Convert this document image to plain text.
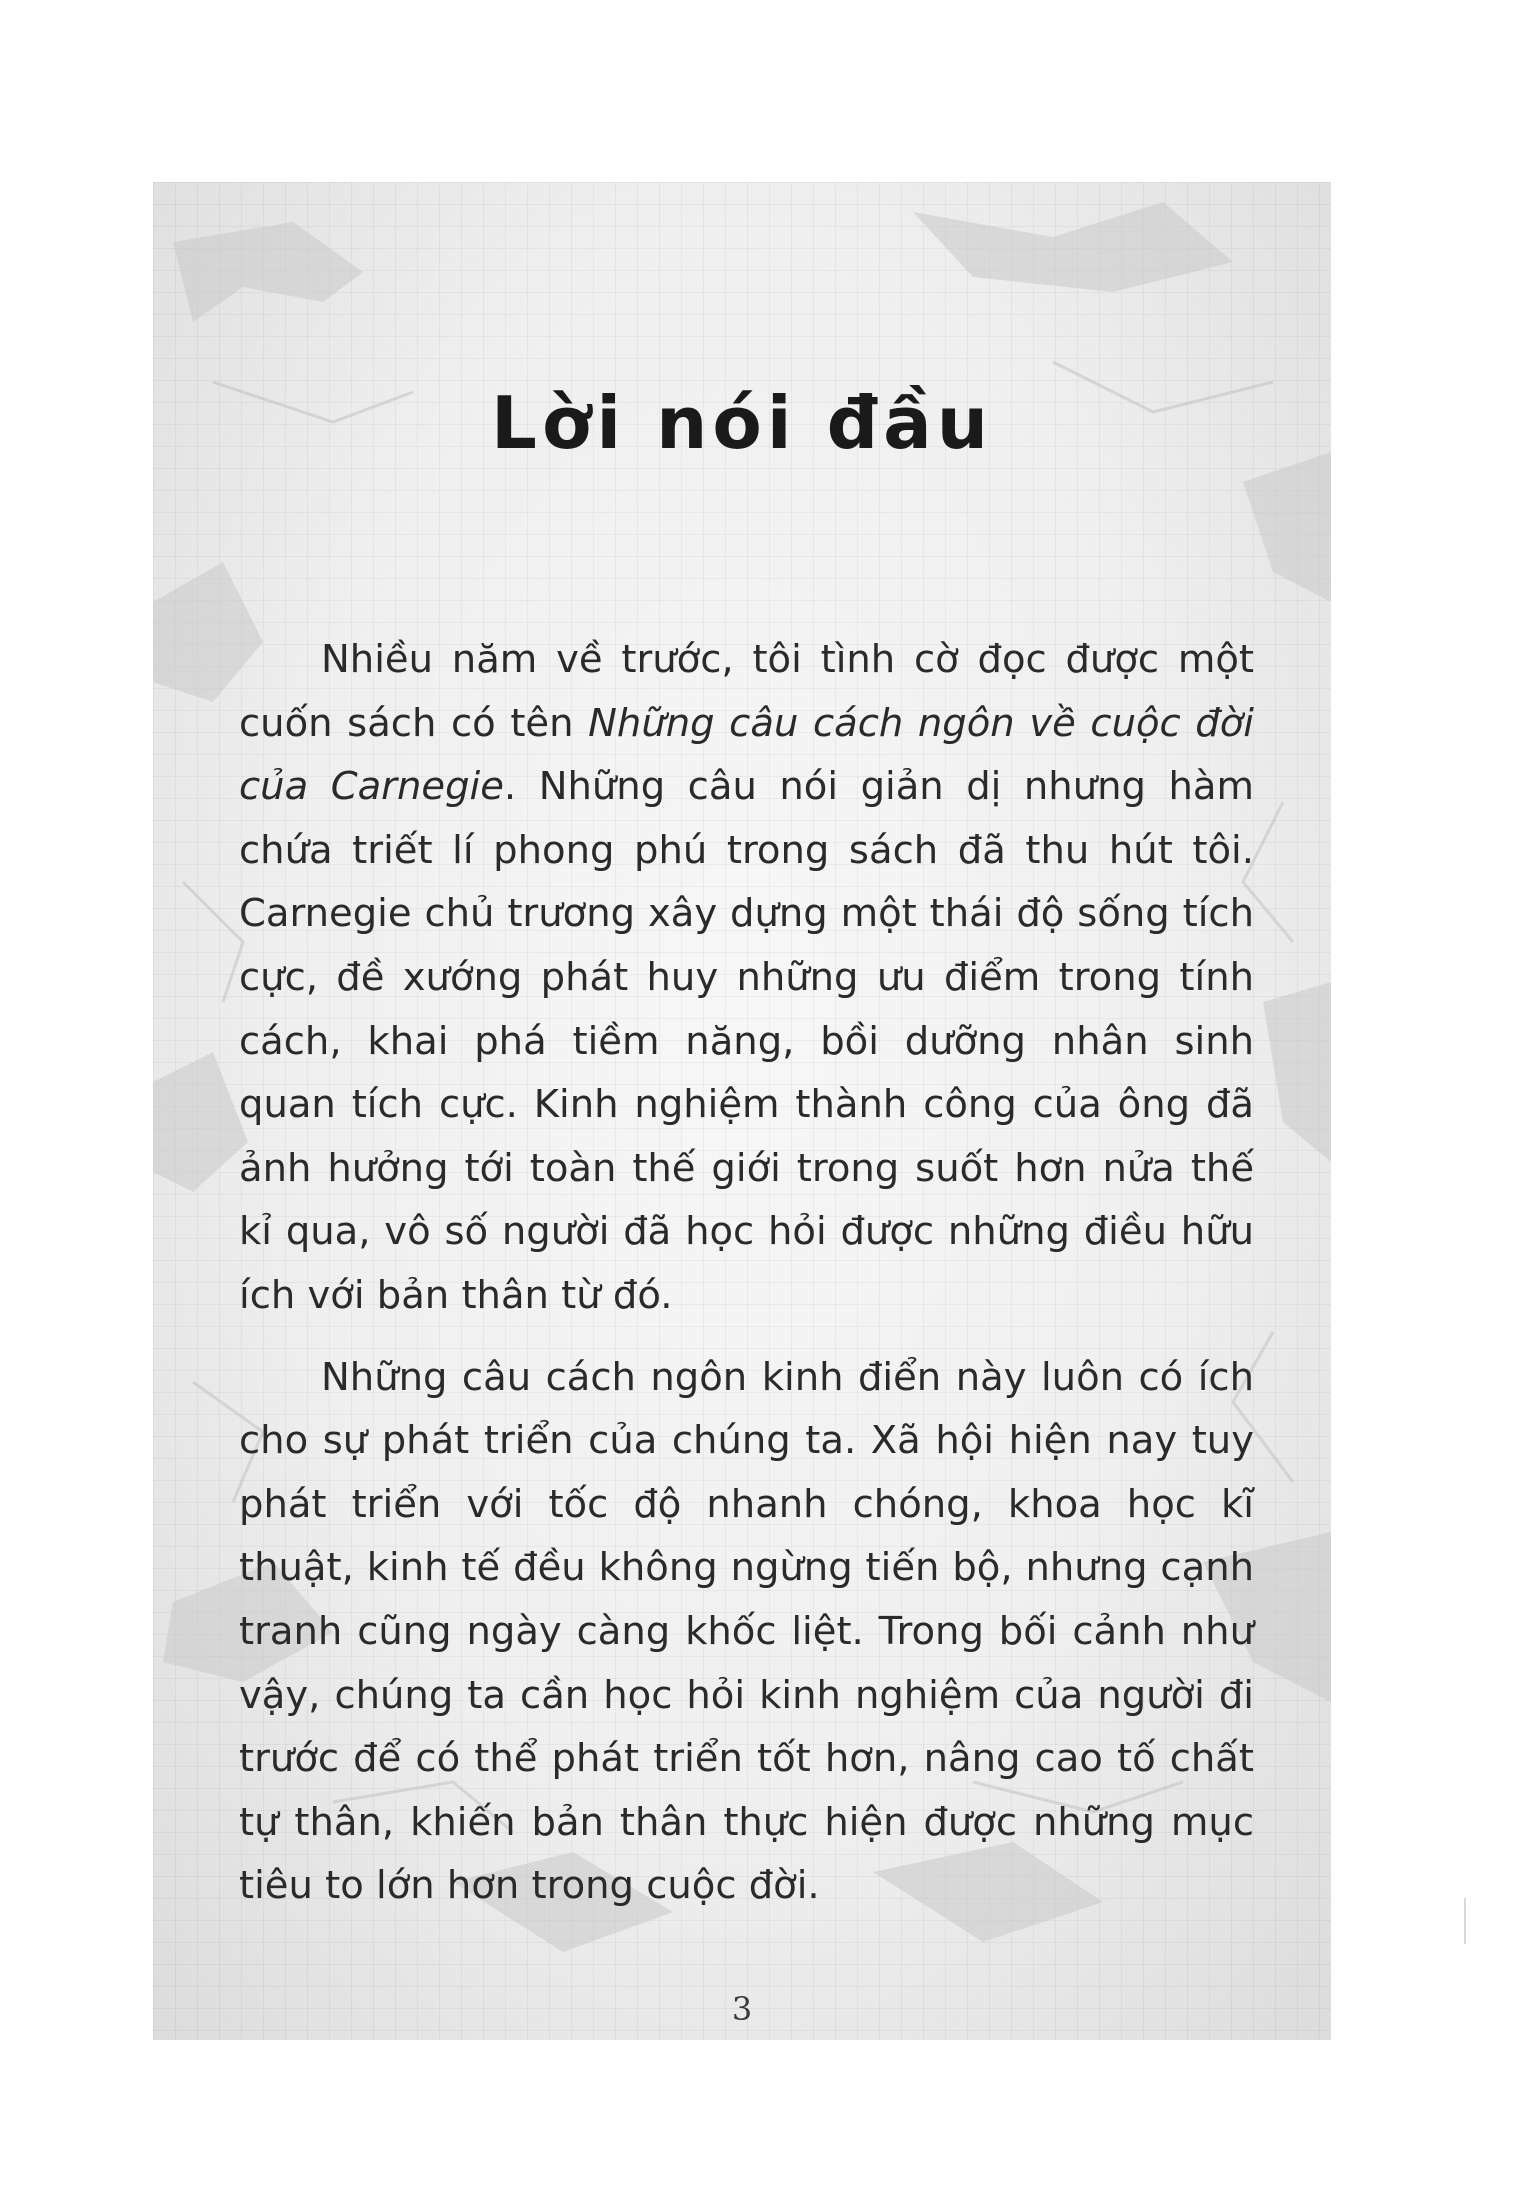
Lời nói đầu

Nhiều năm về trước, tôi tình cờ đọc được một cuốn sách có tên Những câu cách ngôn về cuộc đời của Carnegie. Những câu nói giản dị nhưng hàm chứa triết lí phong phú trong sách đã thu hút tôi. Carnegie chủ trương xây dựng một thái độ sống tích cực, đề xướng phát huy những ưu điểm trong tính cách, khai phá tiềm năng, bồi dưỡng nhân sinh quan tích cực. Kinh nghiệm thành công của ông đã ảnh hưởng tới toàn thế giới trong suốt hơn nửa thế kỉ qua, vô số người đã học hỏi được những điều hữu ích với bản thân từ đó.

Những câu cách ngôn kinh điển này luôn có ích cho sự phát triển của chúng ta. Xã hội hiện nay tuy phát triển với tốc độ nhanh chóng, khoa học kĩ thuật, kinh tế đều không ngừng tiến bộ, nhưng cạnh tranh cũng ngày càng khốc liệt. Trong bối cảnh như vậy, chúng ta cần học hỏi kinh nghiệm của người đi trước để có thể phát triển tốt hơn, nâng cao tố chất tự thân, khiến bản thân thực hiện được những mục tiêu to lớn hơn trong cuộc đời.

3
